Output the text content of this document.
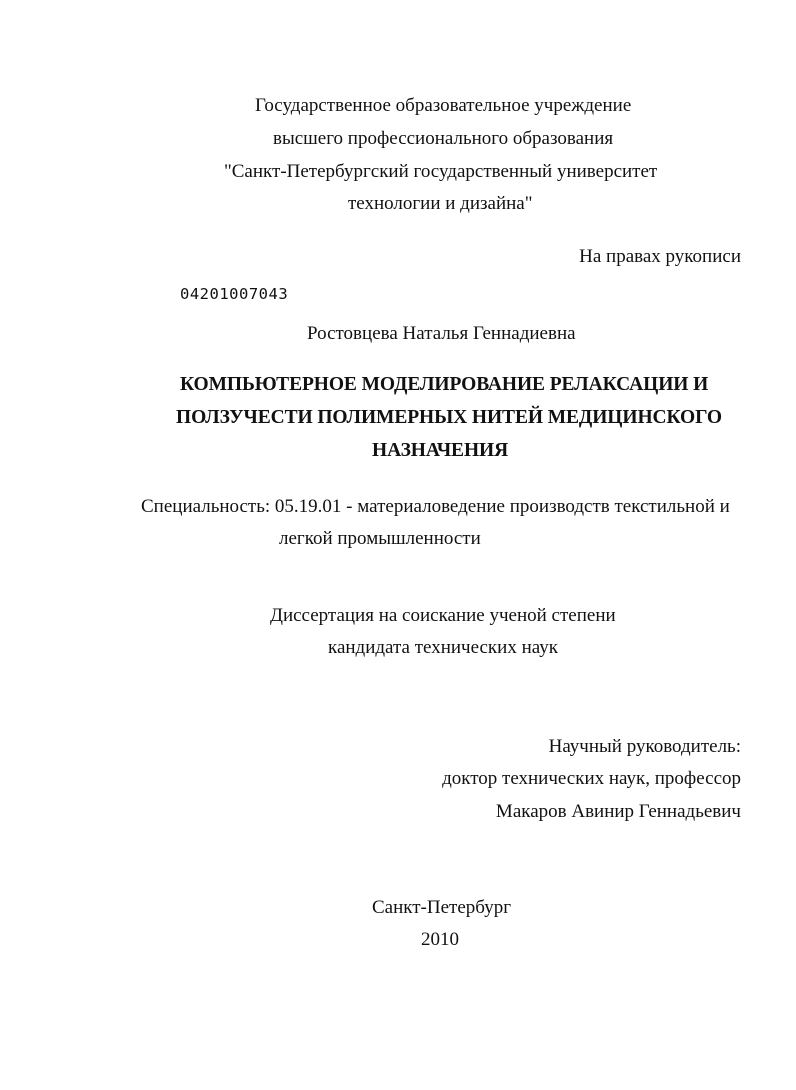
Государственное образовательное учреждение
высшего профессионального образования
"Санкт-Петербургский государственный университет
технологии и дизайна"
На правах рукописи
04201007043
Ростовцева Наталья Геннадиевна
КОМПЬЮТЕРНОЕ МОДЕЛИРОВАНИЕ РЕЛАКСАЦИИ И
ПОЛЗУЧЕСТИ ПОЛИМЕРНЫХ НИТЕЙ МЕДИЦИНСКОГО
НАЗНАЧЕНИЯ
Специальность: 05.19.01 - материаловедение производств текстильной и
легкой промышленности
Диссертация на соискание ученой степени
кандидата технических наук
Научный руководитель:
доктор технических наук, профессор
Макаров Авинир Геннадьевич
Санкт-Петербург
2010
